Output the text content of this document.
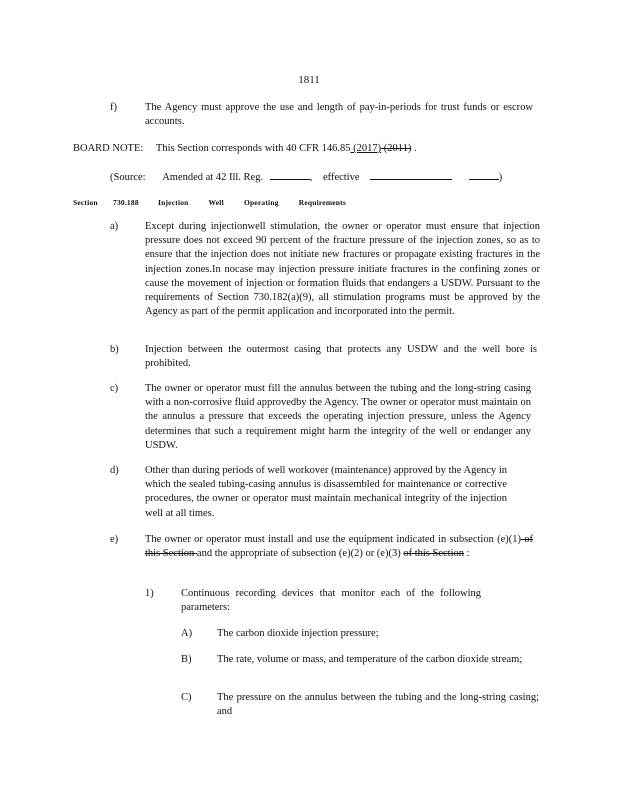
1811
f)	The Agency must approve the use and length of pay-in-periods for trust funds or escrow accounts.
BOARD NOTE: This Section corresponds with 40 CFR 146.85 (2017) (2011) .
(Source: Amended at 42 Ill. Reg.	, effective	)
Section 730.188	Injection Well Operating Requirements
a)	Except during injectionwell stimulation, the owner or operator must ensure that injection pressure does not exceed 90 percent of the fracture pressure of the injection zones, so as to ensure that the injection does not initiate new fractures or propagate existing fractures in the injection zones.In nocase may injection pressure initiate fractures in the confining zones or cause the movement of injection or formation fluids that endangers a USDW. Pursuant to the requirements of Section 730.182(a)(9), all stimulation programs must be approved by the Agency as part of the permit application and incorporated into the permit.
b)	Injection between the outermost casing that protects any USDW and the well bore is prohibited.
c)	The owner or operator must fill the annulus between the tubing and the long-string casing with a non-corrosive fluid approvedby the Agency. The owner or operator must maintain on the annulus a pressure that exceeds the operating injection pressure, unless the Agency determines that such a requirement might harm the integrity of the well or endanger any USDW.
d)	Other than during periods of well workover (maintenance) approved by the Agency in which the sealed tubing-casing annulus is disassembled for maintenance or corrective procedures, the owner or operator must maintain mechanical integrity of the injection well at all times.
e)	The owner or operator must install and use the equipment indicated in subsection (e)(1) of this Section and the appropriate of subsection (e)(2) or (e)(3) of this Section :
1)	Continuous recording devices that monitor each of the following parameters:
A)	The carbon dioxide injection pressure;
B)	The rate, volume or mass, and temperature of the carbon dioxide stream;
C)	The pressure on the annulus between the tubing and the long-string casing; and
